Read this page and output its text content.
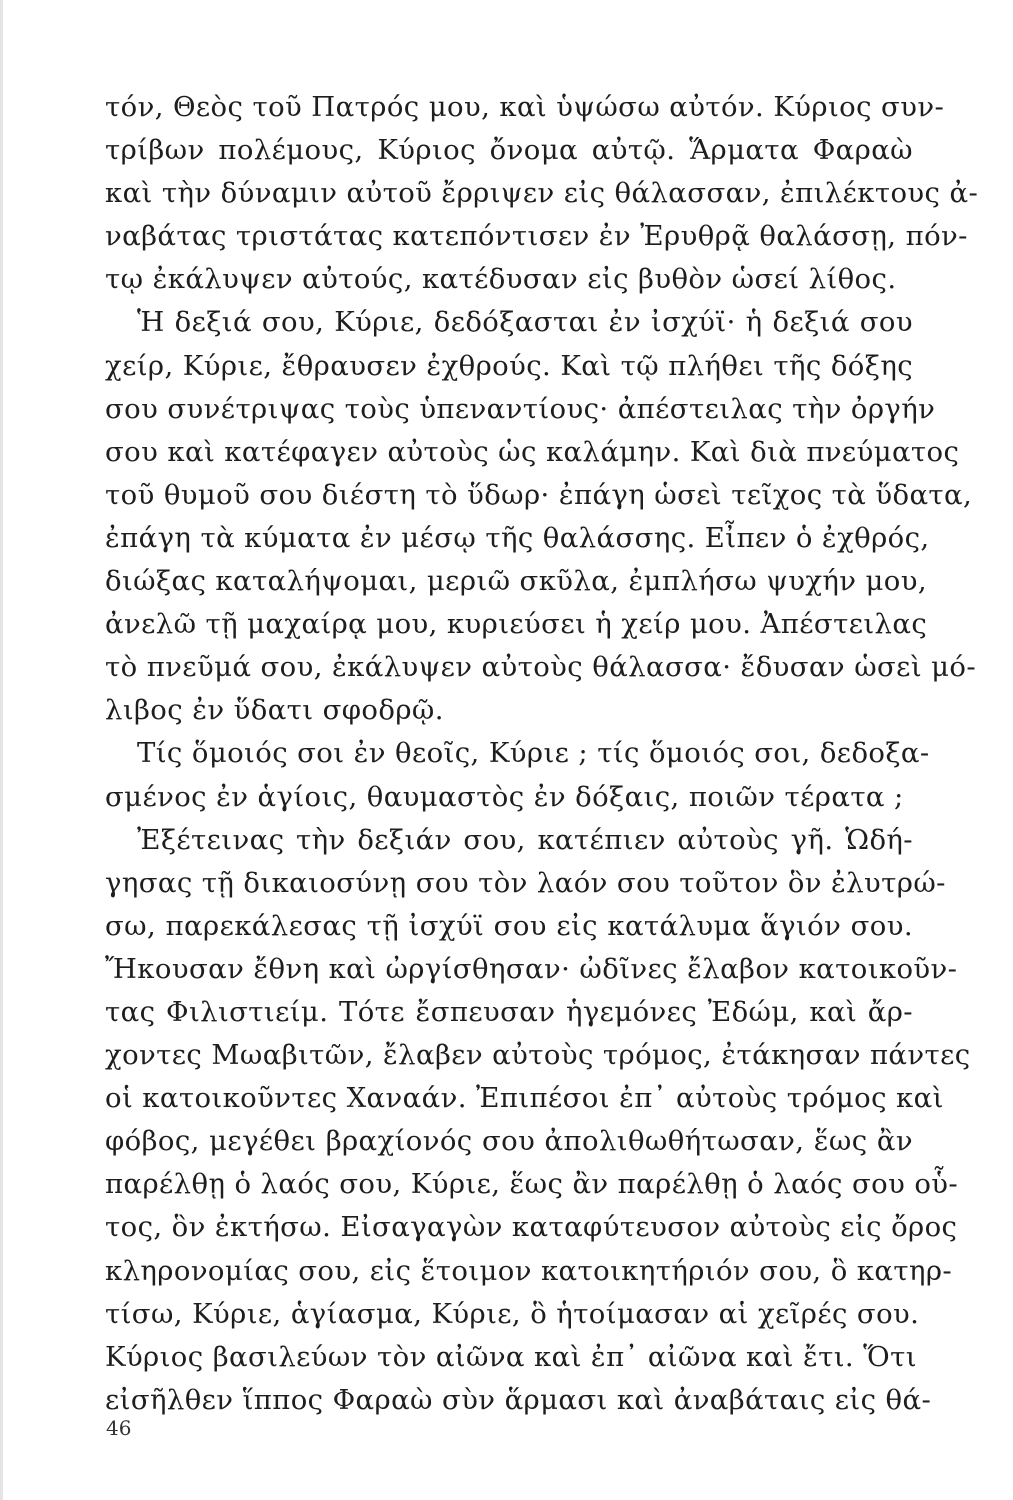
τόν, Θεὸς τοῦ Πατρός μου, καὶ ὑψώσω αὐτόν. Κύριος συν-
τρίβων πολέμους, Κύριος ὄνομα αὐτῷ. Ἅρματα Φαραὼ
καὶ τὴν δύναμιν αὐτοῦ ἔρριψεν εἰς θάλασσαν, ἐπιλέκτους ἀ-
ναβάτας τριστάτας κατεπόντισεν ἐν Ἐρυθρᾷ θαλάσσῃ, πόν-
τῳ ἐκάλυψεν αὐτούς, κατέδυσαν εἰς βυθὸν ὡσεί λίθος.
Ἡ δεξιά σου, Κύριε, δεδόξασται ἐν ἰσχύϊ· ἡ δεξιά σου
χείρ, Κύριε, ἔθραυσεν ἐχθρούς. Καὶ τῷ πλήθει τῆς δόξης
σου συνέτριψας τοὺς ὑπεναντίους· ἀπέστειλας τὴν ὀργήν
σου καὶ κατέφαγεν αὐτοὺς ὡς καλάμην. Καὶ διὰ πνεύματος
τοῦ θυμοῦ σου διέστη τὸ ὕδωρ· ἐπάγη ὡσεὶ τεῖχος τὰ ὕδατα,
ἐπάγη τὰ κύματα ἐν μέσῳ τῆς θαλάσσης. Εἶπεν ὁ ἐχθρός,
διώξας καταλήψομαι, μεριῶ σκῦλα, ἐμπλήσω ψυχήν μου,
ἀνελῶ τῇ μαχαίρᾳ μου, κυριεύσει ἡ χείρ μου. Ἀπέστειλας
τὸ πνεῦμά σου, ἐκάλυψεν αὐτοὺς θάλασσα· ἔδυσαν ὡσεὶ μό-
λιβος ἐν ὕδατι σφοδρῷ.
Τίς ὅμοιός σοι ἐν θεοῖς, Κύριε ; τίς ὅμοιός σοι, δεδοξα-
σμένος ἐν ἁγίοις, θαυμαστὸς ἐν δόξαις, ποιῶν τέρατα ;
Ἐξέτεινας τὴν δεξιάν σου, κατέπιεν αὐτοὺς γῆ. Ὡδή-
γησας τῇ δικαιοσύνῃ σου τὸν λαόν σου τοῦτον ὃν ἐλυτρώ-
σω, παρεκάλεσας τῇ ἰσχύϊ σου εἰς κατάλυμα ἅγιόν σου.
Ἤκουσαν ἔθνη καὶ ὠργίσθησαν· ὠδῖνες ἔλαβον κατοικοῦν-
τας Φιλιστιείμ. Τότε ἔσπευσαν ἡγεμόνες Ἐδώμ, καὶ ἄρ-
χοντες Μωαβιτῶν, ἔλαβεν αὐτοὺς τρόμος, ἐτάκησαν πάντες
οἱ κατοικοῦντες Χαναάν. Ἐπιπέσοι ἐπ᾽ αὐτοὺς τρόμος καὶ
φόβος, μεγέθει βραχίονός σου ἀπολιθωθήτωσαν, ἕως ἂν
παρέλθῃ ὁ λαός σου, Κύριε, ἕως ἂν παρέλθῃ ὁ λαός σου οὗ-
τος, ὃν ἐκτήσω. Εἰσαγαγὼν καταφύτευσον αὐτοὺς εἰς ὄρος
κληρονομίας σου, εἰς ἕτοιμον κατοικητήριόν σου, ὃ κατηρ-
τίσω, Κύριε, ἁγίασμα, Κύριε, ὃ ἡτοίμασαν αἱ χεῖρές σου.
Κύριος βασιλεύων τὸν αἰῶνα καὶ ἐπ᾽ αἰῶνα καὶ ἔτι. Ὅτι
εἰσῆλθεν ἵππος Φαραὼ σὺν ἅρμασι καὶ ἀναβάταις εἰς θά-
46
